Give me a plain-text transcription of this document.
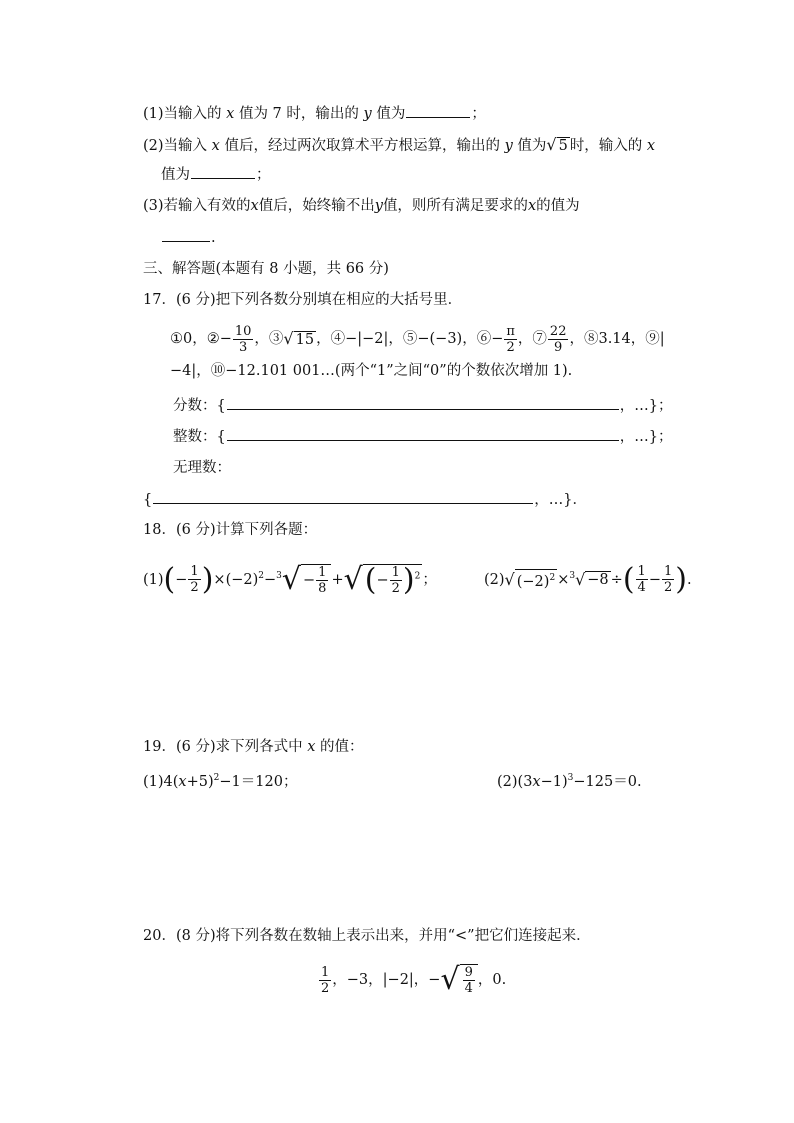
(1)当输入的 x 值为 7 时，输出的 y 值为	；
(2)当输入 x 值后，经过两次取算术平方根运算，输出的 y 值为√ 5 时，输入的 x
值为	；
(3)若输入有效的x值后，始终输不出y值，则所有满足要求的x的值为
.
三、解答题(本题有 8 小题，共 66 分)
17．(6 分)把下列各数分别填在相应的大括号里．
①0，②− $\frac{10}{3}$ ，③√ 15 ，④−|−2|，⑤−(−3)，⑥− $\frac{\pi}{2}$ ，⑦ $\frac{22}{9}$ ，⑧3.14，⑨|
−4|，⑩−12.101 001…(两个“1”之间“0”的个数依次增加 1).
分数：{	，…}；
整数：{	，…}；
无理数：
{	，…}．
18．(6 分)计算下列各题：
$(1)(- \frac{1}{2} )\times(-2)^2-^3√ - \frac{1}{8}$ +√(− $\frac{1}{2} )^2$ ；	(2)√ $(-2)^2 \times^3√ -8$ ÷( $\frac{1}{4} - \frac{1}{2}$ ).
19．(6 分)求下列各式中 x 的值：
$(1)4(x+5)^2-1=120$；	$(2)(3x-1)^3-125=0$.
20．(8 分)将下列各数在数轴上表示出来，并用“<”把它们连接起来．
$\frac{1}{2}$ ，−3，|−2|，−√ $\frac{9}{4}$ ，0.
